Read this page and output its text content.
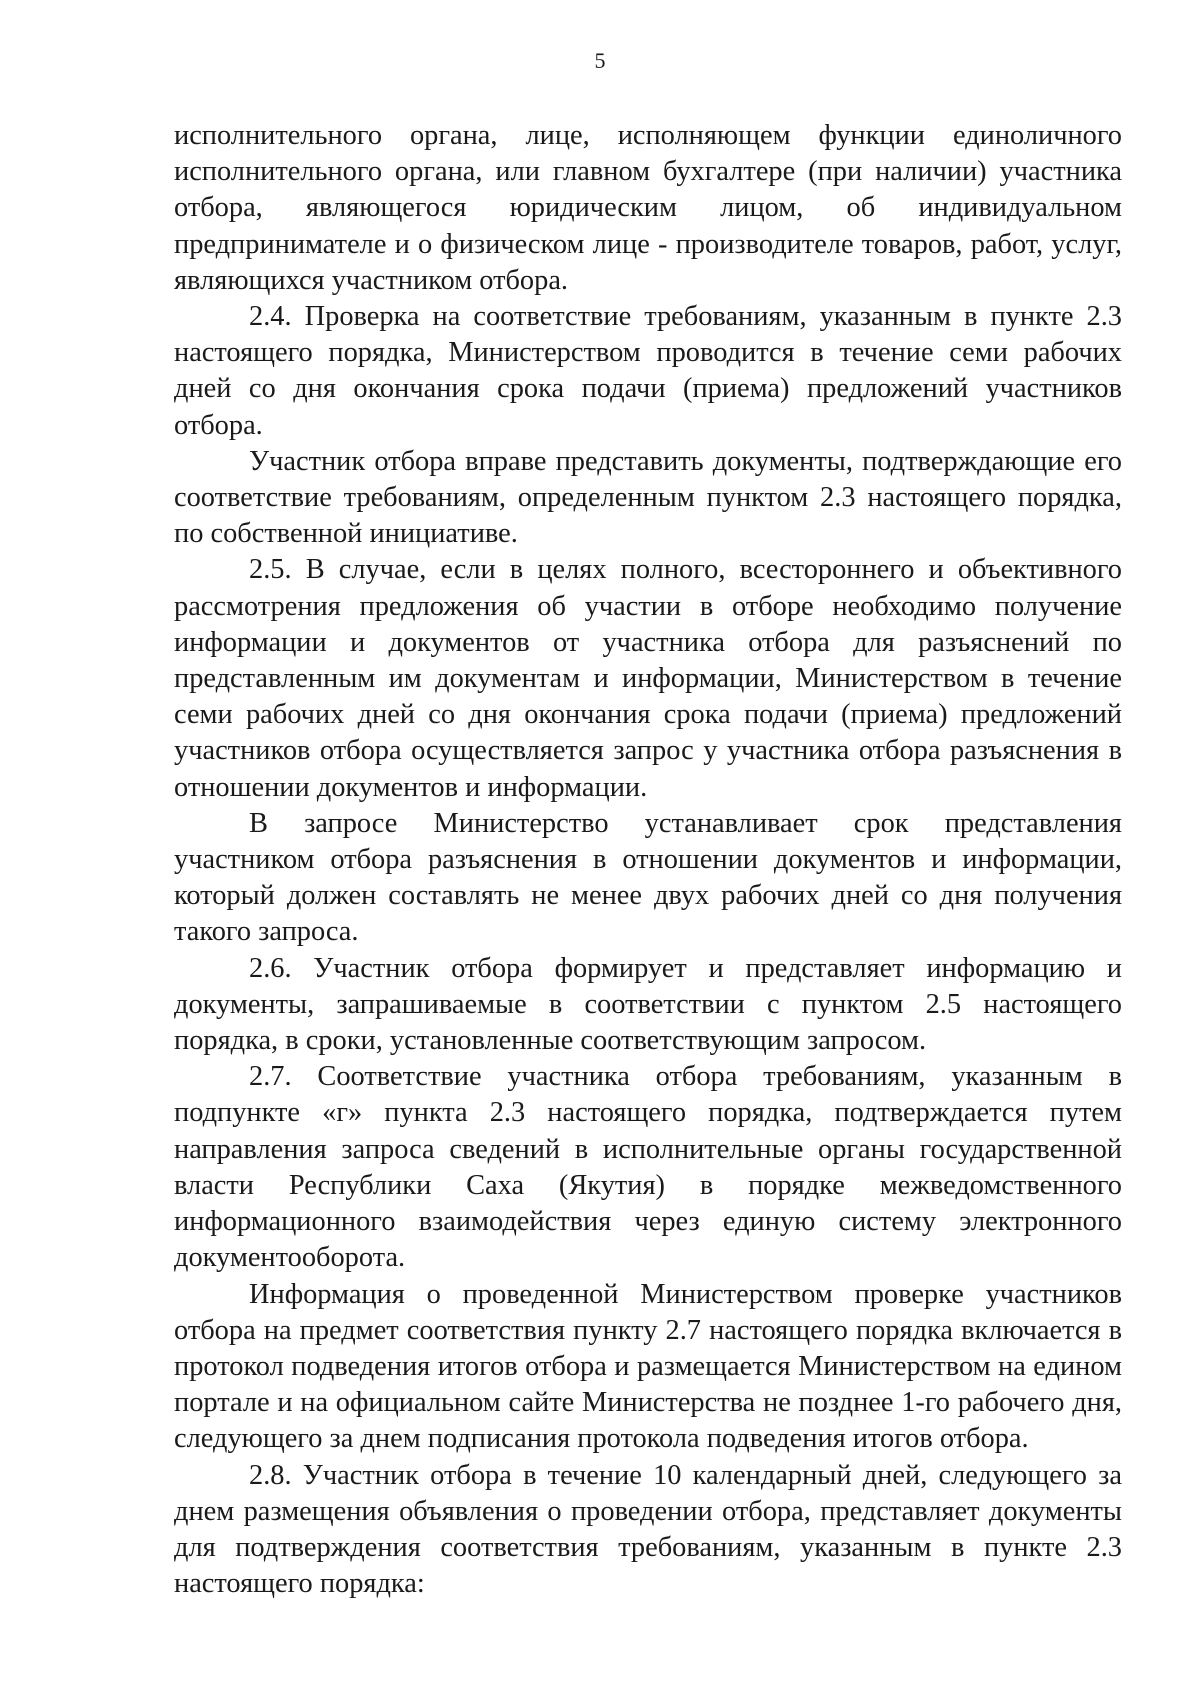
5

исполнительного органа, лице, исполняющем функции единоличного исполнительного органа, или главном бухгалтере (при наличии) участника отбора, являющегося юридическим лицом, об индивидуальном предпринимателе и о физическом лице - производителе товаров, работ, услуг, являющихся участником отбора.

2.4. Проверка на соответствие требованиям, указанным в пункте 2.3 настоящего порядка, Министерством проводится в течение семи рабочих дней со дня окончания срока подачи (приема) предложений участников отбора.

Участник отбора вправе представить документы, подтверждающие его соответствие требованиям, определенным пунктом 2.3 настоящего порядка, по собственной инициативе.

2.5. В случае, если в целях полного, всестороннего и объективного рассмотрения предложения об участии в отборе необходимо получение информации и документов от участника отбора для разъяснений по представленным им документам и информации, Министерством в течение семи рабочих дней со дня окончания срока подачи (приема) предложений участников отбора осуществляется запрос у участника отбора разъяснения в отношении документов и информации.

В запросе Министерство устанавливает срок представления участником отбора разъяснения в отношении документов и информации, который должен составлять не менее двух рабочих дней со дня получения такого запроса.

2.6. Участник отбора формирует и представляет информацию и документы, запрашиваемые в соответствии с пунктом 2.5 настоящего порядка, в сроки, установленные соответствующим запросом.

2.7. Соответствие участника отбора требованиям, указанным в подпункте «г» пункта 2.3 настоящего порядка, подтверждается путем направления запроса сведений в исполнительные органы государственной власти Республики Саха (Якутия) в порядке межведомственного информационного взаимодействия через единую систему электронного документооборота.

Информация о проведенной Министерством проверке участников отбора на предмет соответствия пункту 2.7 настоящего порядка включается в протокол подведения итогов отбора и размещается Министерством на едином портале и на официальном сайте Министерства не позднее 1-го рабочего дня, следующего за днем подписания протокола подведения итогов отбора.

2.8. Участник отбора в течение 10 календарный дней, следующего за днем размещения объявления о проведении отбора, представляет документы для подтверждения соответствия требованиям, указанным в пункте 2.3 настоящего порядка:
